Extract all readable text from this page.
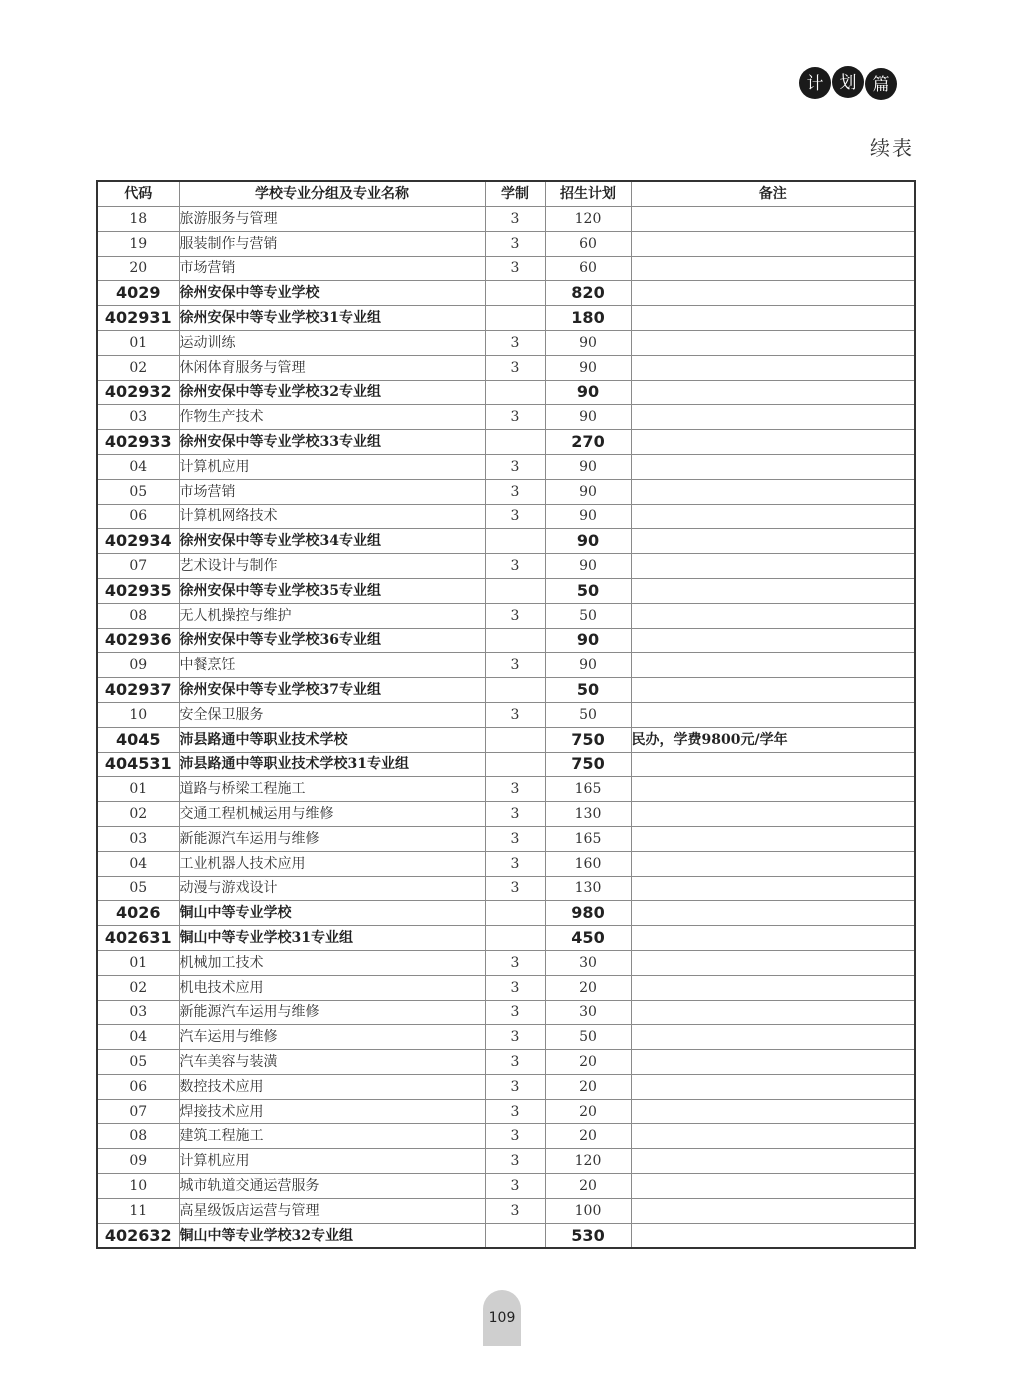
计 划 篇
续表
代码	学校专业分组及专业名称	学制	招生计划	备注
18	旅游服务与管理	3	120	
19	服装制作与营销	3	60	
20	市场营销	3	60	
4029	徐州安保中等专业学校		820	
402931	徐州安保中等专业学校31专业组		180	
01	运动训练	3	90	
02	休闲体育服务与管理	3	90	
402932	徐州安保中等专业学校32专业组		90	
03	作物生产技术	3	90	
402933	徐州安保中等专业学校33专业组		270	
04	计算机应用	3	90	
05	市场营销	3	90	
06	计算机网络技术	3	90	
402934	徐州安保中等专业学校34专业组		90	
07	艺术设计与制作	3	90	
402935	徐州安保中等专业学校35专业组		50	
08	无人机操控与维护	3	50	
402936	徐州安保中等专业学校36专业组		90	
09	中餐烹饪	3	90	
402937	徐州安保中等专业学校37专业组		50	
10	安全保卫服务	3	50	
4045	沛县路通中等职业技术学校		750	民办，学费9800元/学年
404531	沛县路通中等职业技术学校31专业组		750	
01	道路与桥梁工程施工	3	165	
02	交通工程机械运用与维修	3	130	
03	新能源汽车运用与维修	3	165	
04	工业机器人技术应用	3	160	
05	动漫与游戏设计	3	130	
4026	铜山中等专业学校		980	
402631	铜山中等专业学校31专业组		450	
01	机械加工技术	3	30	
02	机电技术应用	3	20	
03	新能源汽车运用与维修	3	30	
04	汽车运用与维修	3	50	
05	汽车美容与装潢	3	20	
06	数控技术应用	3	20	
07	焊接技术应用	3	20	
08	建筑工程施工	3	20	
09	计算机应用	3	120	
10	城市轨道交通运营服务	3	20	
11	高星级饭店运营与管理	3	100	
402632	铜山中等专业学校32专业组		530	
109
